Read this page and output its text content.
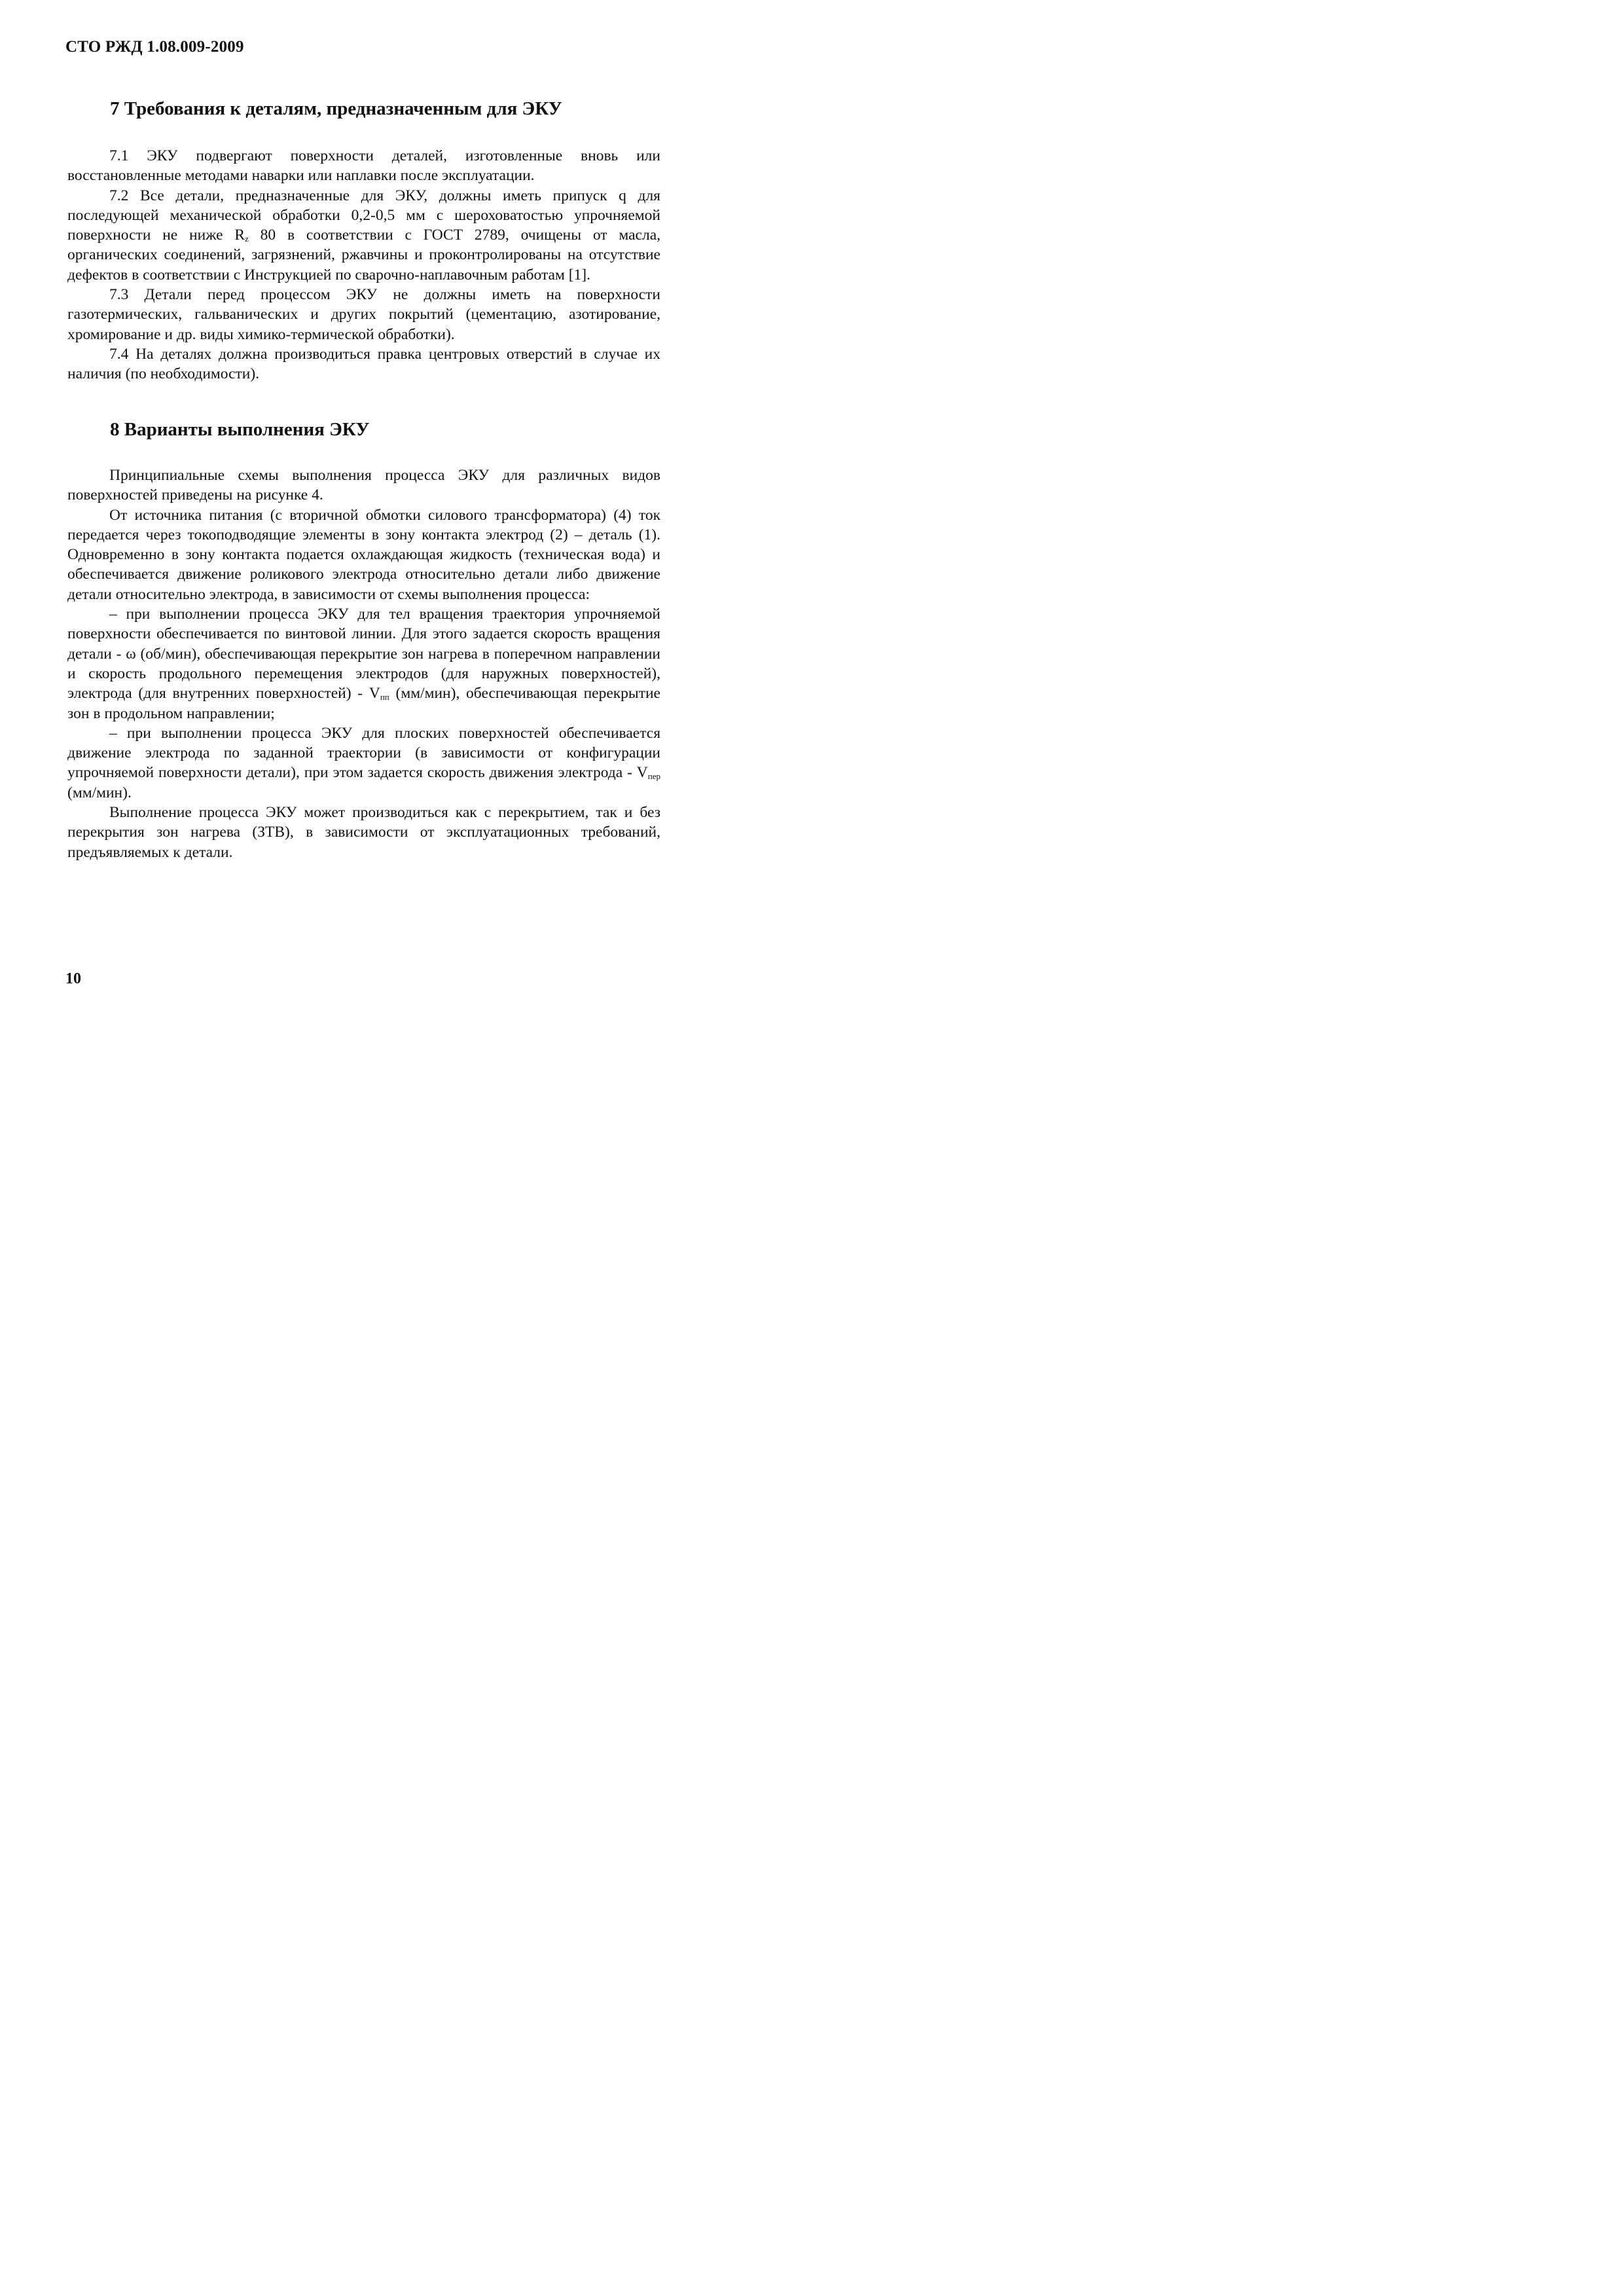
СТО РЖД 1.08.009-2009
7 Требования к деталям, предназначенным для ЭКУ

7.1 ЭКУ подвергают поверхности деталей, изготовленные вновь или восстановленные методами наварки или наплавки после эксплуатации.

7.2 Все детали, предназначенные для ЭКУ, должны иметь припуск q для последующей механической обработки 0,2-0,5 мм с шероховатостью упрочняемой поверхности не ниже $R_z$ 80 в соответствии с ГОСТ 2789, очищены от масла, органических соединений, загрязнений, ржавчины и проконтролированы на отсутствие дефектов в соответствии с Инструкцией по сварочно-наплавочным работам [1].

7.3 Детали перед процессом ЭКУ не должны иметь на поверхности газотермических, гальванических и других покрытий (цементацию, азотирование, хромирование и др. виды химико-термической обработки).

7.4 На деталях должна производиться правка центровых отверстий в случае их наличия (по необходимости).

8 Варианты выполнения ЭКУ

Принципиальные схемы выполнения процесса ЭКУ для различных видов поверхностей приведены на рисунке 4.

От источника питания (с вторичной обмотки силового трансформатора) (4) ток передается через токоподводящие элементы в зону контакта электрод (2) – деталь (1). Одновременно в зону контакта подается охлаждающая жидкость (техническая вода) и обеспечивается движение роликового электрода относительно детали либо движение детали относительно электрода, в зависимости от схемы выполнения процесса:

– при выполнении процесса ЭКУ для тел вращения траектория упрочняемой поверхности обеспечивается по винтовой линии. Для этого задается скорость вращения детали - ω (об/мин), обеспечивающая перекрытие зон нагрева в поперечном направлении и скорость продольного перемещения электродов (для наружных поверхностей), электрода (для внутренних поверхностей) - $V_{пп}$ (мм/мин), обеспечивающая перекрытие зон в продольном направлении;

– при выполнении процесса ЭКУ для плоских поверхностей обеспечивается движение электрода по заданной траектории (в зависимости от конфигурации упрочняемой поверхности детали), при этом задается скорость движения электрода - $V_{пер}$ (мм/мин).

Выполнение процесса ЭКУ может производиться как с перекрытием, так и без перекрытия зон нагрева (ЗТВ), в зависимости от эксплуатационных требований, предъявляемых к детали.

10
